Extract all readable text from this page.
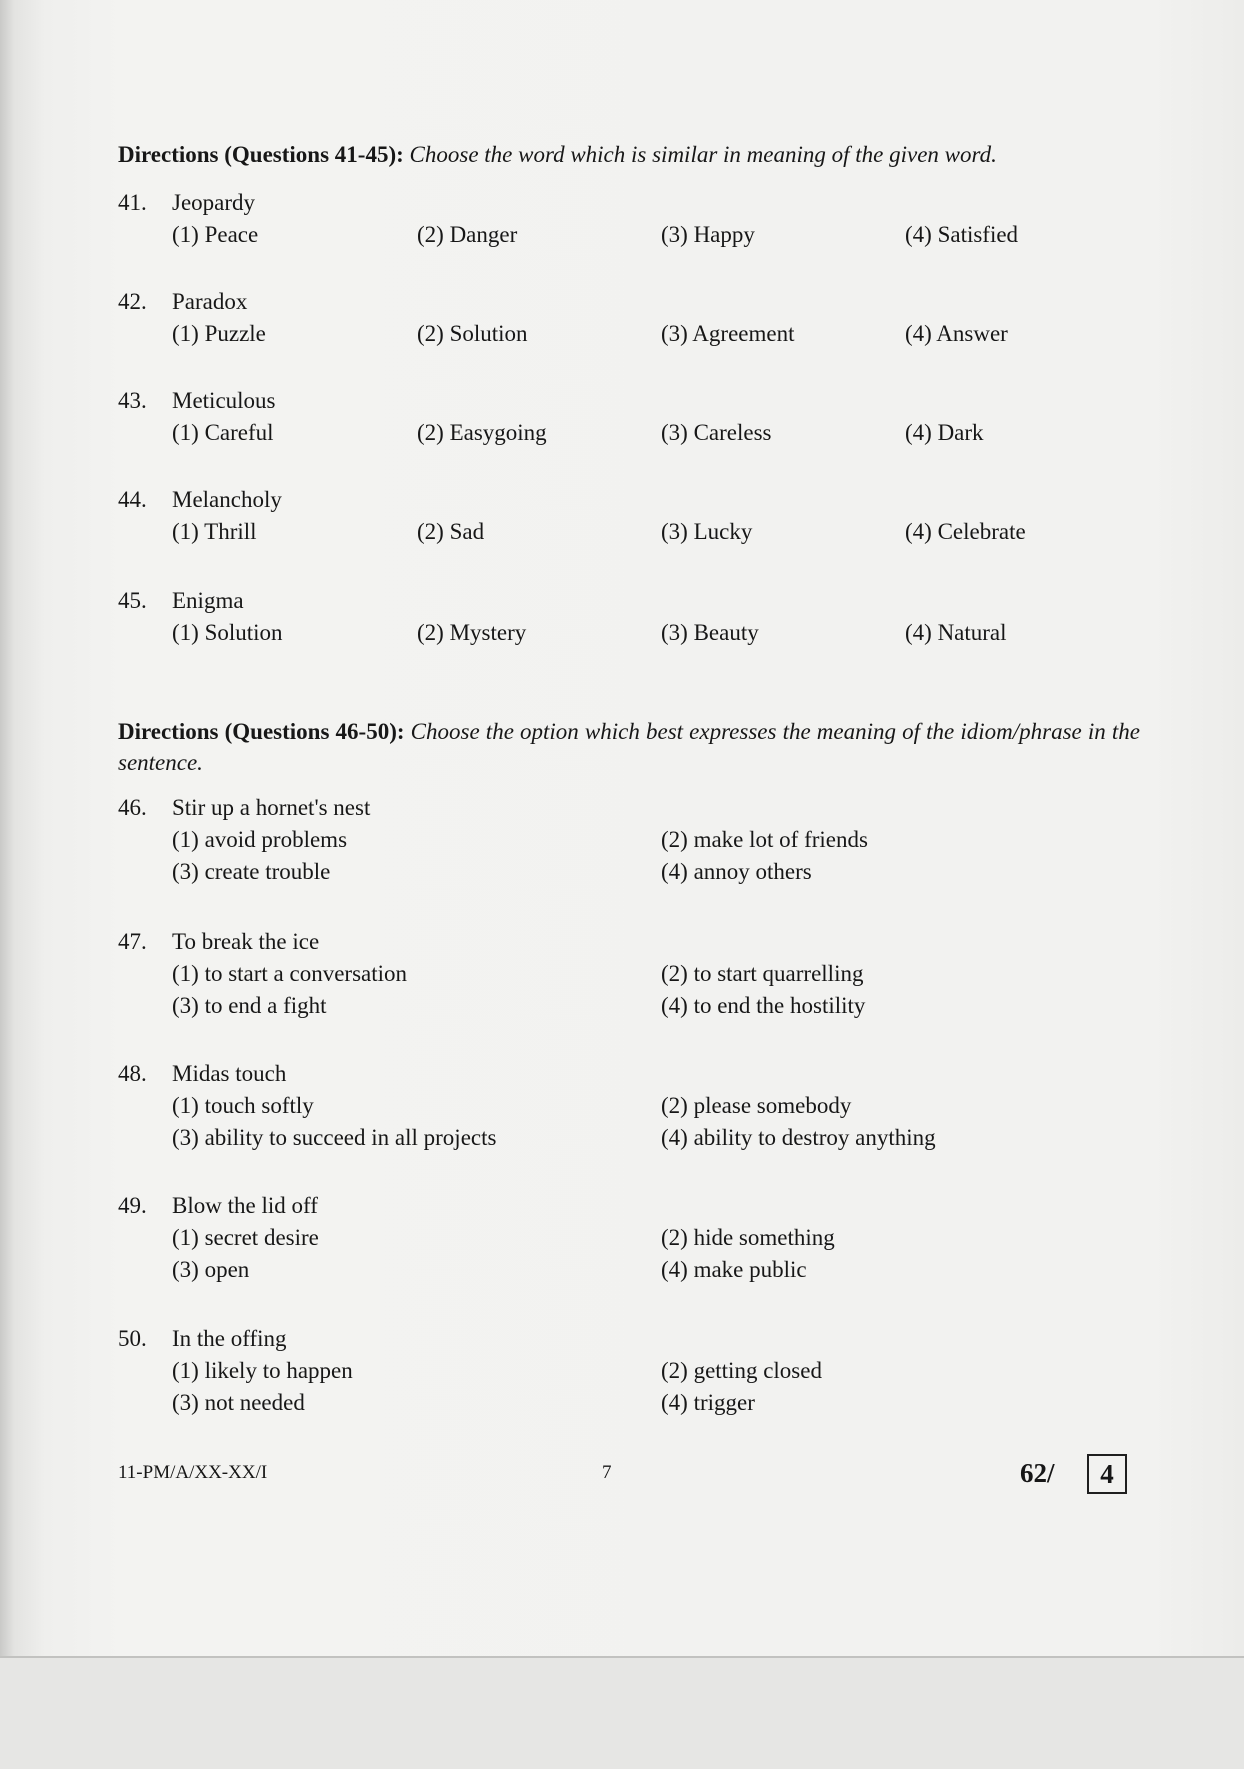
Directions (Questions 41-45): Choose the word which is similar in meaning of the given word.
41. Jeopardy
(1) Peace	(2) Danger	(3) Happy	(4) Satisfied
42. Paradox
(1) Puzzle	(2) Solution	(3) Agreement	(4) Answer
43. Meticulous
(1) Careful	(2) Easygoing	(3) Careless	(4) Dark
44. Melancholy
(1) Thrill	(2) Sad	(3) Lucky	(4) Celebrate
45. Enigma
(1) Solution	(2) Mystery	(3) Beauty	(4) Natural
Directions (Questions 46-50): Choose the option which best expresses the meaning of the idiom/phrase in the sentence.
46. Stir up a hornet's nest
(1) avoid problems	(2) make lot of friends
(3) create trouble	(4) annoy others
47. To break the ice
(1) to start a conversation	(2) to start quarrelling
(3) to end a fight	(4) to end the hostility
48. Midas touch
(1) touch softly	(2) please somebody
(3) ability to succeed in all projects	(4) ability to destroy anything
49. Blow the lid off
(1) secret desire	(2) hide something
(3) open	(4) make public
50. In the offing
(1) likely to happen	(2) getting closed
(3) not needed	(4) trigger
11-PM/A/XX-XX/I	7	62/	4
